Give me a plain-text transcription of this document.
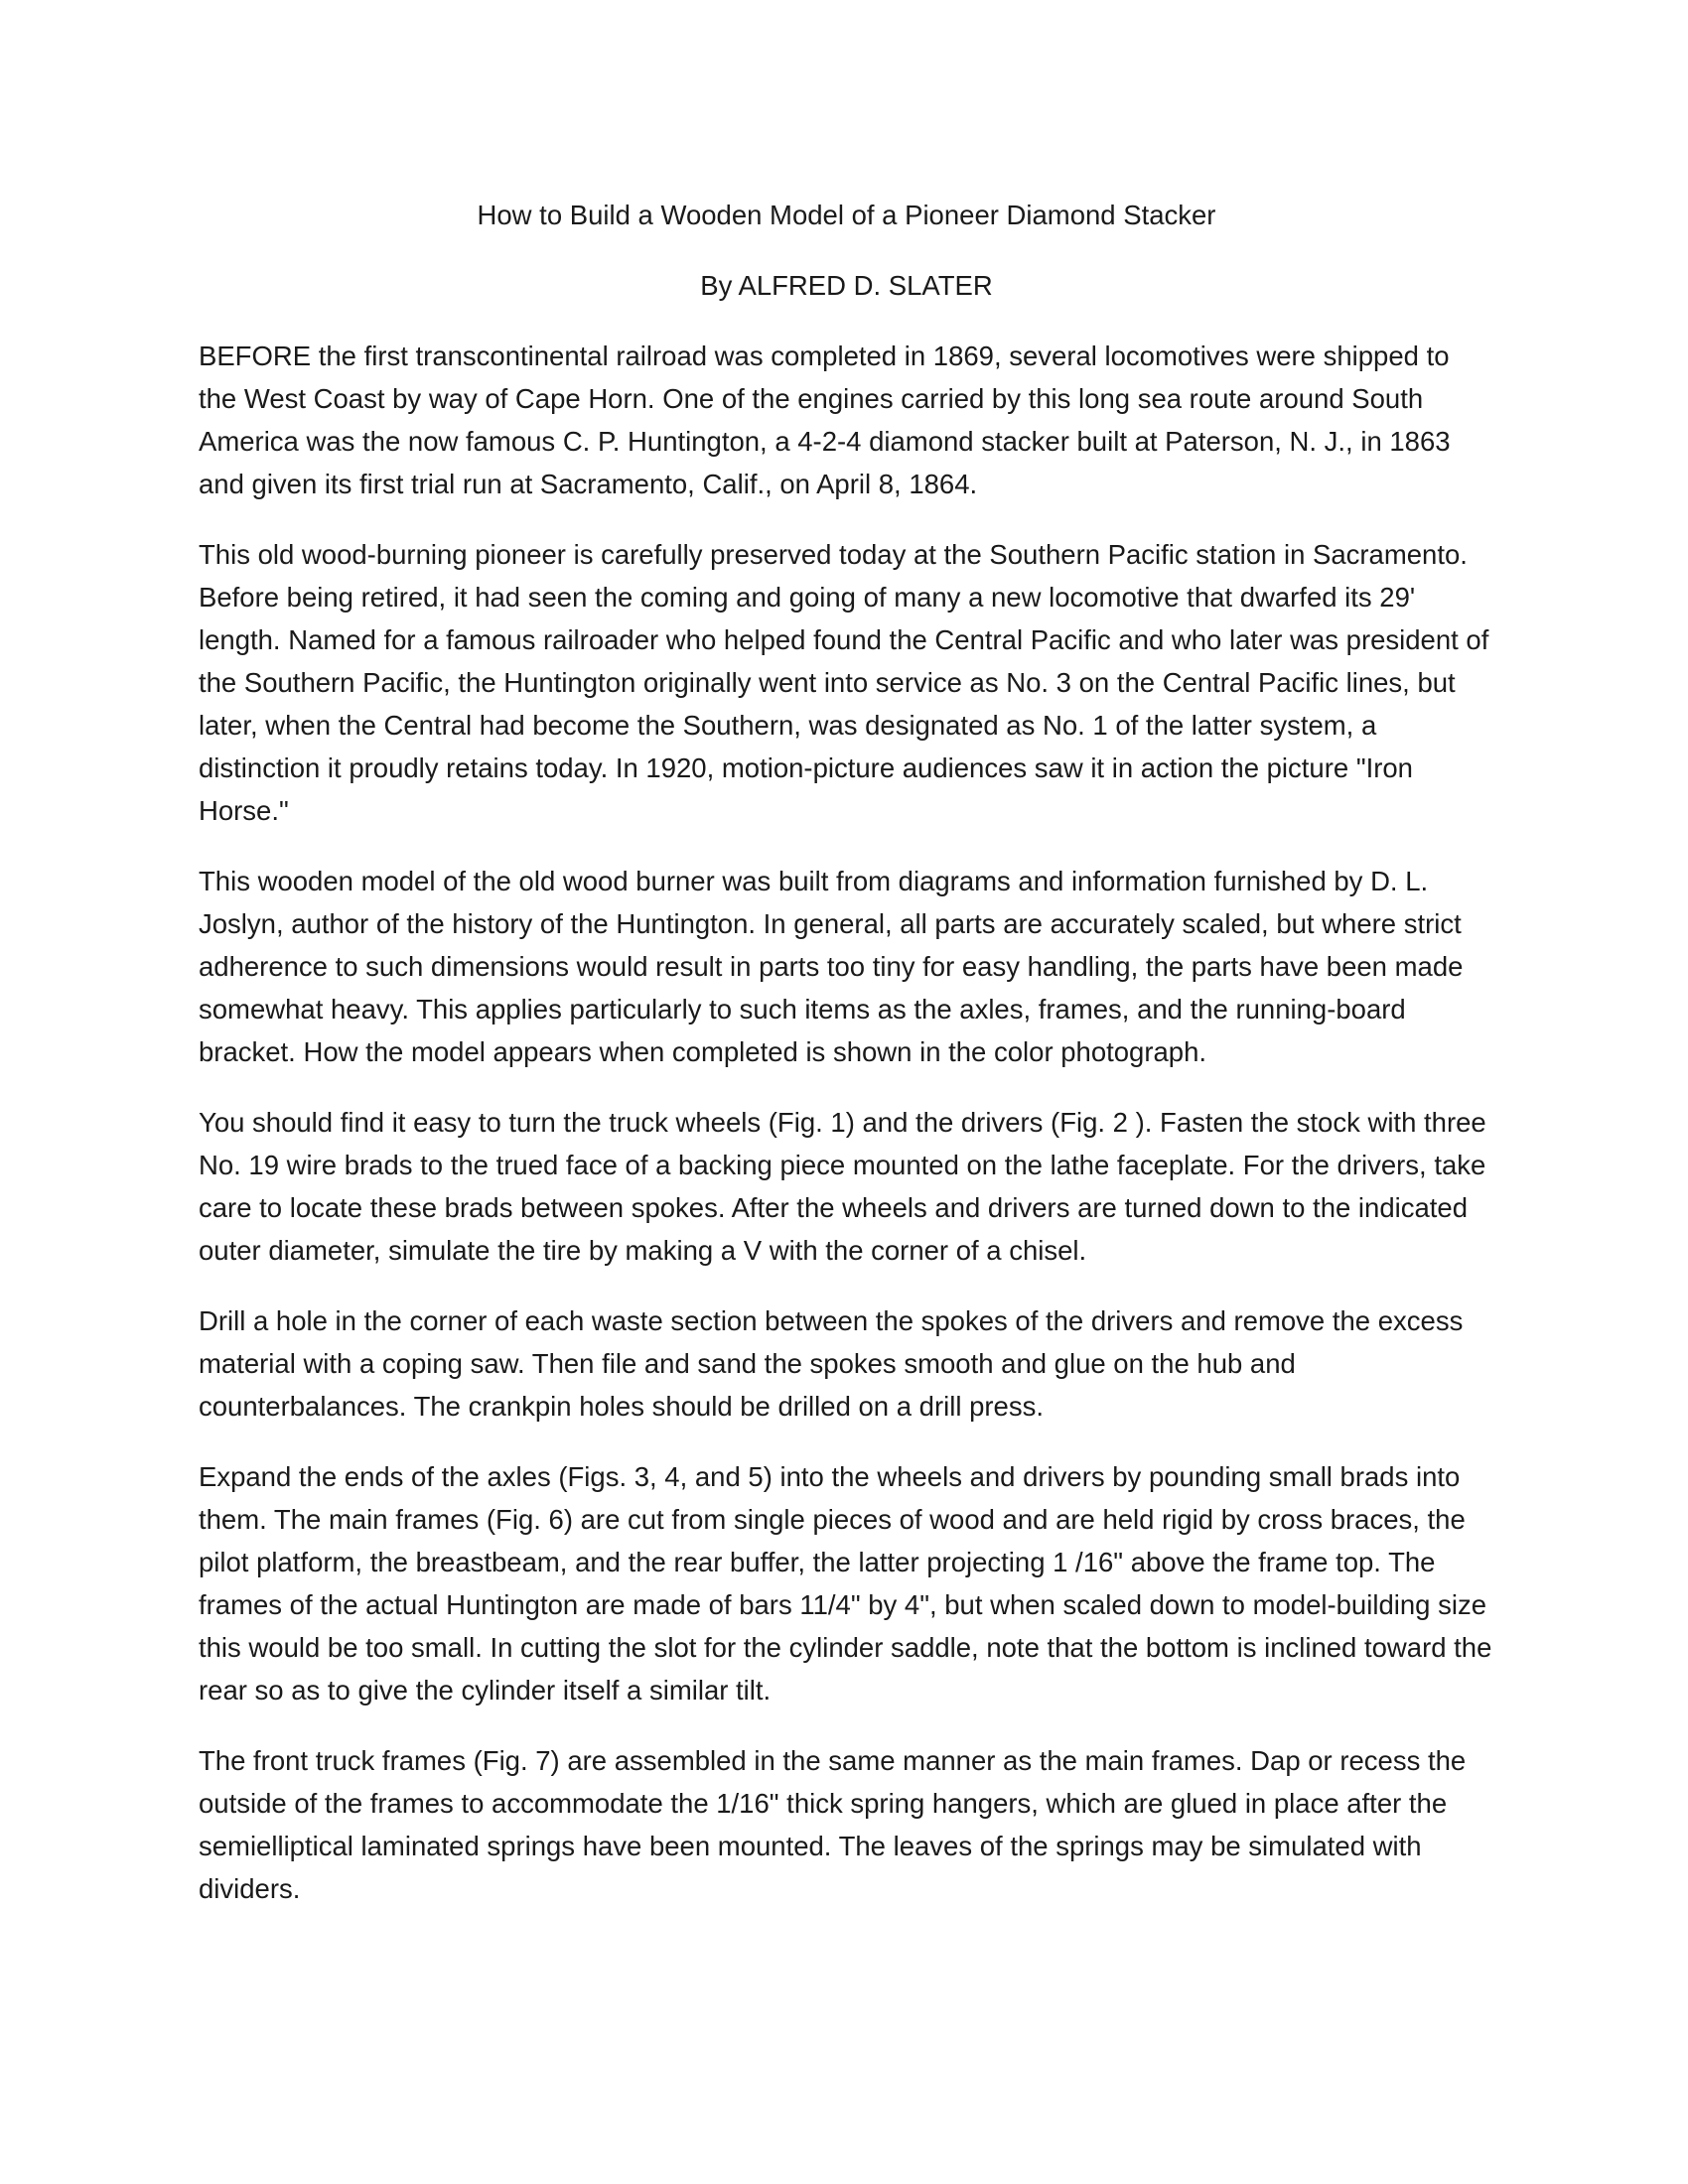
How to Build a Wooden Model of a Pioneer Diamond Stacker
By ALFRED D. SLATER

BEFORE the first transcontinental railroad was completed in 1869, several locomotives were shipped to the West Coast by way of Cape Horn. One of the engines carried by this long sea route around South America was the now famous C. P. Huntington, a 4-2-4 diamond stacker built at Paterson, N. J., in 1863 and given its first trial run at Sacramento, Calif., on April 8, 1864.

This old wood-burning pioneer is carefully preserved today at the Southern Pacific station in Sacramento. Before being retired, it had seen the coming and going of many a new locomotive that dwarfed its 29' length. Named for a famous railroader who helped found the Central Pacific and who later was president of the Southern Pacific, the Huntington originally went into service as No. 3 on the Central Pacific lines, but later, when the Central had become the Southern, was designated as No. 1 of the latter system, a distinction it proudly retains today. In 1920, motion-picture audiences saw it in action the picture "Iron Horse."

This wooden model of the old wood burner was built from diagrams and information furnished by D. L. Joslyn, author of the history of the Huntington. In general, all parts are accurately scaled, but where strict adherence to such dimensions would result in parts too tiny for easy handling, the parts have been made somewhat heavy. This applies particularly to such items as the axles, frames, and the running-board bracket. How the model appears when completed is shown in the color photograph.

You should find it easy to turn the truck wheels (Fig. 1) and the drivers (Fig. 2 ). Fasten the stock with three No. 19 wire brads to the trued face of a backing piece mounted on the lathe faceplate. For the drivers, take care to locate these brads between spokes. After the wheels and drivers are turned down to the indicated outer diameter, simulate the tire by making a V with the corner of a chisel.

Drill a hole in the corner of each waste section between the spokes of the drivers and remove the excess material with a coping saw. Then file and sand the spokes smooth and glue on the hub and counterbalances. The crankpin holes should be drilled on a drill press.

Expand the ends of the axles (Figs. 3, 4, and 5) into the wheels and drivers by pounding small brads into them. The main frames (Fig. 6) are cut from single pieces of wood and are held rigid by cross braces, the pilot platform, the breastbeam, and the rear buffer, the latter projecting 1 /16" above the frame top. The frames of the actual Huntington are made of bars 11/4" by 4", but when scaled down to model-building size this would be too small. In cutting the slot for the cylinder saddle, note that the bottom is inclined toward the rear so as to give the cylinder itself a similar tilt.

The front truck frames (Fig. 7) are assembled in the same manner as the main frames. Dap or recess the outside of the frames to accommodate the 1/16" thick spring hangers, which are glued in place after the semielliptical laminated springs have been mounted. The leaves of the springs may be simulated with dividers.
